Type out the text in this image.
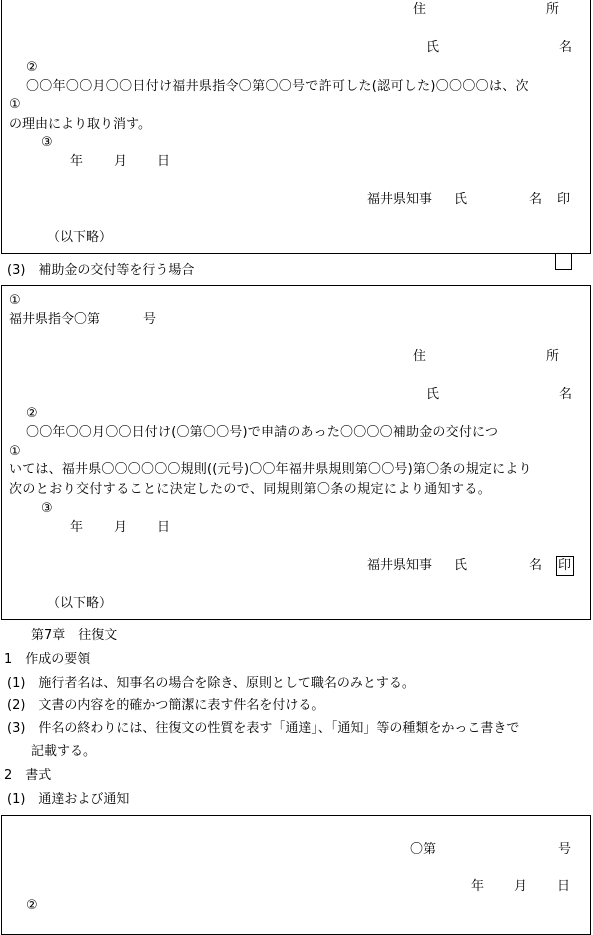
住	所
氏	名
②
〇〇年〇〇月〇〇日付け福井県指令〇第〇〇号で許可した(認可した)〇〇〇〇は、次
①
の理由により取り消す。
③
年 月 日
福井県知事 氏	名 印
（以下略）
(3)　補助金の交付等を行う場合
①
福井県指令〇第	号
住	所
氏	名
②
〇〇年〇〇月〇〇日付け(〇第〇〇号)で申請のあった〇〇〇〇補助金の交付につ
①
いては、福井県〇〇〇〇〇〇規則((元号)〇〇年福井県規則第〇〇号)第〇条の規定により
次のとおり交付することに決定したので、同規則第〇条の規定により通知する。
③
年 月 日
福井県知事 氏	名 印
（以下略）
第7章　往復文
1　作成の要領
(1)　施行者名は、知事名の場合を除き、原則として職名のみとする。
(2)　文書の内容を的確かつ簡潔に表す件名を付ける。
(3)　件名の終わりには、往復文の性質を表す「通達」、「通知」等の種類をかっこ書きで
記載する。
2　書式
(1)　通達および通知
〇第	号
年 月 日
②
